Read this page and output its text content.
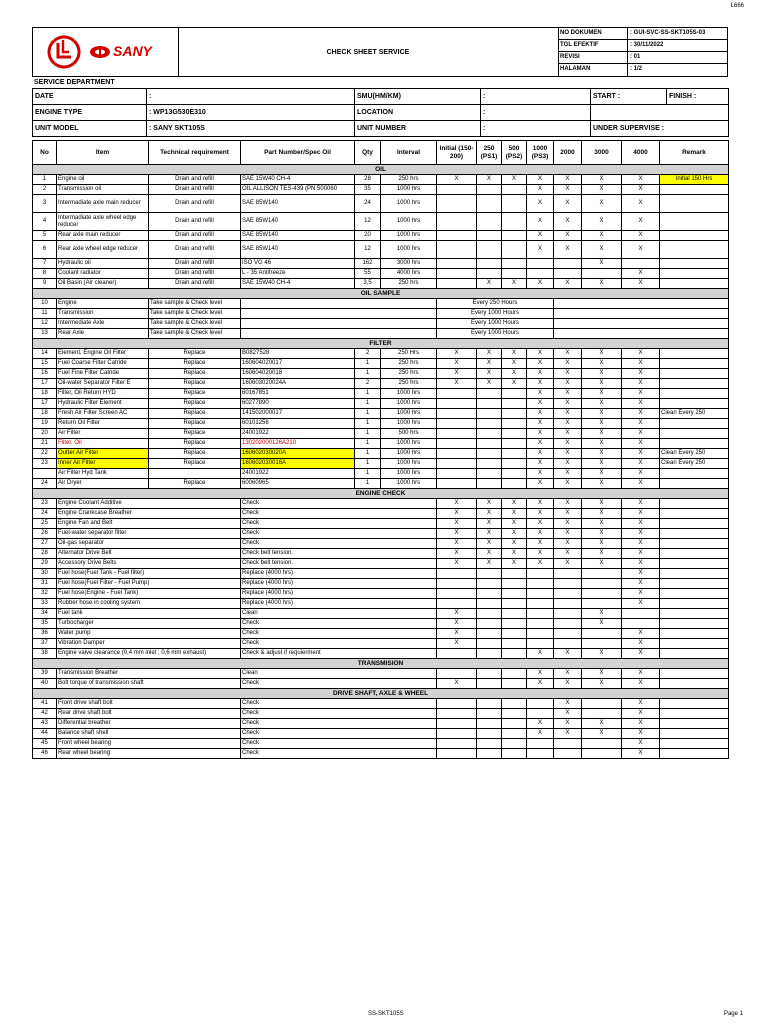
L666
SANY	CHECK SHEET SERVICE
NO DOKUMEN	: GUI-SVC-SS-SKT105S-03
TGL EFEKTIF	: 30/11/2022
REVISI	: 01
HALAMAN	: 1/2
SERVICE DEPARTMENT
DATE	:	SMU(HM/KM)	:	START :	FINISH :
ENGINE TYPE	: WP13G530E310	LOCATION	:		
UNIT MODEL	: SANY SKT105S	UNIT NUMBER	:	UNDER SUPERVISE :	
No	Item	Technical requirement	Part Number/Spec Oil	Qty	Interval	Initial (150-200)	250 (PS1)	500 (PS2)	1000 (PS3)	2000	3000	4000	Remark
OIL													
1	Engine oil	Drain and refill	SAE 15W40 CH-4	28	250 hrs	X	X	X	X	X	X	X	Initial 150 Hrs
2	Transmission oil	Drain and refill	OIL ALLISON TES-439 (PN 500060	35	1000 hrs				X	X	X	X	
3	Intermadiate axle main reducer	Drain and refill	SAE 85W140	24	1000 hrs				X	X	X	X	
4	Intermadiate axle wheel edge reducer	Drain and refill	SAE 85W140	12	1000 hrs				X	X	X	X	
5	Rear axle main reducer	Drain and refill	SAE 85W140	20	1000 hrs				X	X	X	X	
6	Rear axle wheel edge reducer	Drain and refill	SAE 85W140	12	1000 hrs				X	X	X	X	
7	Hydraulic oil	Drain and refill	ISO VG 46	162	3000 hrs						X		
8	Coolant radiator	Drain and refill	L - 35 Antifreeze	55	4000 hrs							X	
9	Oil Basin (Air cleaner)	Drain and refill	SAE 15W40 CH-4	3,5	250 hrs		X	X	X	X	X	X	
OIL SAMPLE													
10	Engine	Take sample & Check level				Every 250 Hours							
11	Transmission	Take sample & Check level				Every 1000 Hours							
12	Intermediate Axle	Take sample & Check level				Every 1000 Hours							
13	Rear Axle	Take sample & Check level				Every 1000 Hours							
FILTER													
14	Element, Engine Oil Filter	Replace	B0827528	2	250 Hrs	X	X	X	X	X	X	X	
15	Fuel Coarse Filter Catride	Replace	160604020017	1	250 hrs	X	X	X	X	X	X	X	
16	Fuel Fine Filter Catride	Replace	160604020018	1	250 hrs	X	X	X	X	X	X	X	
17	Oil-water Separator Filter E	Replace	160603020024A	2	250 hrs	X	X	X	X	X	X	X	
18	Filter, Oil Return HYD	Replace	60167851	1	1000 hrs				X	X	X	X	
17	Hydraulic Filter Element	Replace	60277890	1	1000 hrs				X	X	X	X	
18	Fresh Air Filter Screen AC	Replace	141502000017	1	1000 hrs				X	X	X	X	Clean Every 250
19	Return Oil Filter	Replace	60101256	1	1000 hrs				X	X	X	X	
20	Air Filter	Replace	24001922	1	500 hrs				X	X	X	X	
21	Filter, Oil	Replace	130202000126A210	1	1000 hrs				X	X	X	X	
22	Outter Air Filter	Replace	160602030020A	1	1000 hrs				X	X	X	X	Clean Every 250
23	Inner Air Filter	Replace	160602030016A	1	1000 hrs				X	X	X	X	Clean Every 250
	Air Filter Hyd Tank		24001922	1	1000 hrs				X	X	X	X	
24	Air Dryer	Replace	60060965	1	1000 hrs				X	X	X	X	
ENGINE CHECK													
23	Engine Coolant Additive		Check			X	X	X	X	X	X	X	
24	Engine Crankcase Breather		Check			X	X	X	X	X	X	X	
25	Engine Fan and Belt		Check			X	X	X	X	X	X	X	
26	Fuel-water separator filter		Check			X	X	X	X	X	X	X	
27	Oil-gas separator		Check			X	X	X	X	X	X	X	
28	Alternator Drive Belt		Check belt tension.			X	X	X	X	X	X	X	
29	Accessory Drive Belts		Check belt tension.			X	X	X	X	X	X	X	
30	Fuel hose(Fuel Tank - Fuel filter)		Replace (4000 hrs)									X	
31	Fuel hose(Fuel Filter - Fuel Pump)		Replace (4000 hrs)									X	
32	Fuel hose(Engine - Fuel Tank)		Replace (4000 hrs)									X	
33	Rubber hose in cooling system		Replace (4000 hrs)									X	
34	Fuel tank		Clean			X					X		
35	Turbocharger		Check			X					X		
36	Water pump		Check			X						X	
37	Vibration Damper		Check			X						X	
38	Engine valve clearance (0,4 mm inlet ; 0,6 mm exhaust)		Check & adjust if requierment						X	X	X	X	
TRANSMISION													
39	Transmission Breather		Clean						X	X	X	X	
40	Bolt torque of transmission shaft		Check			X			X	X	X	X	
DRIVE SHAFT, AXLE & WHEEL													
41	Front drive shaft bolt		Check							X		X	
42	Rear drive shaft bolt		Check							X		X	
43	Differential breather		Check						X	X	X	X	
44	Balance shaft shell		Check						X	X	X	X	
45	Front wheel bearing		Check									X	
46	Rear wheel bearing		Check									X	
SS-SKT105S	Page 1
